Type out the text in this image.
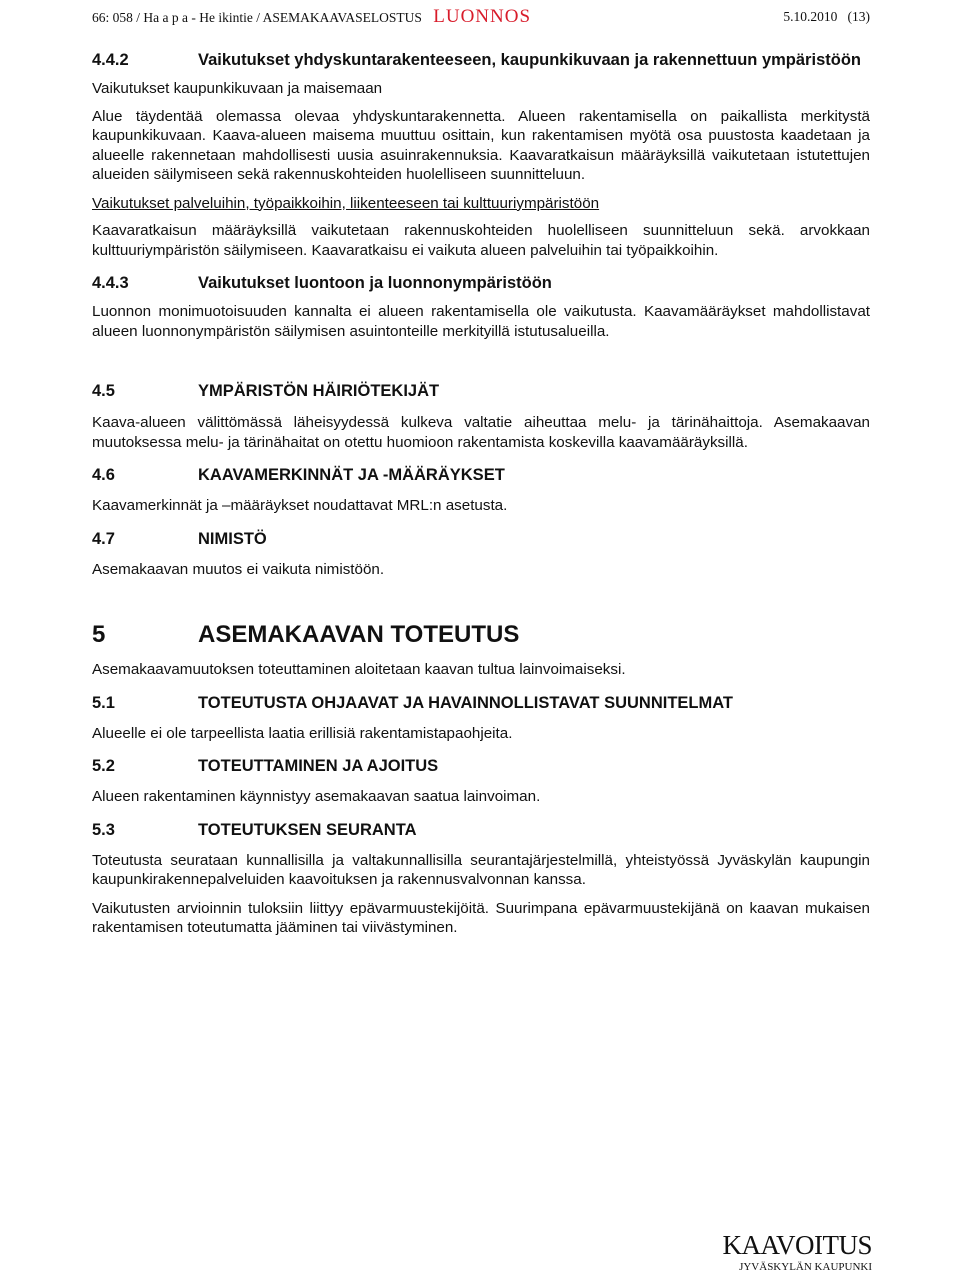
66: 058 / Ha a p a - He ikintie / ASEMAKAAVASELOSTUS LUONNOS	5.10.2010 (13)
4.4.2	Vaikutukset yhdyskuntarakenteeseen, kaupunkikuvaan ja rakennettuun ympäristöön

Vaikutukset kaupunkikuvaan ja maisemaan

Alue täydentää olemassa olevaa yhdyskuntarakennetta. Alueen rakentamisella on paikallista merkitystä kaupunkikuvaan. Kaava-alueen maisema muuttuu osittain, kun rakentamisen myötä osa puustosta kaadetaan ja alueelle rakennetaan mahdollisesti uusia asuinrakennuksia. Kaavaratkaisun määräyksillä vaikutetaan istutettujen alueiden säilymiseen sekä rakennuskohteiden huolelliseen suunnitteluun.

Vaikutukset palveluihin, työpaikkoihin, liikenteeseen tai kulttuuriympäristöön

Kaavaratkaisun määräyksillä vaikutetaan rakennuskohteiden huolelliseen suunnitteluun sekä. arvokkaan kulttuuriympäristön säilymiseen. Kaavaratkaisu ei vaikuta alueen palveluihin tai työpaikkoihin.

4.4.3	Vaikutukset luontoon ja luonnonympäristöön

Luonnon monimuotoisuuden kannalta ei alueen rakentamisella ole vaikutusta. Kaavamääräykset mahdollistavat alueen luonnonympäristön säilymisen asuintonteille merkityillä istutusalueilla.

4.5	YMPÄRISTÖN HÄIRIÖTEKIJÄT

Kaava-alueen välittömässä läheisyydessä kulkeva valtatie aiheuttaa melu- ja tärinähaittoja. Asemakaavan muutoksessa melu- ja tärinähaitat on otettu huomioon rakentamista koskevilla kaavamääräyksillä.

4.6	KAAVAMERKINNÄT JA -MÄÄRÄYKSET

Kaavamerkinnät ja –määräykset noudattavat MRL:n asetusta.

4.7	NIMISTÖ

Asemakaavan muutos ei vaikuta nimistöön.

5	ASEMAKAAVAN TOTEUTUS

Asemakaavamuutoksen toteuttaminen aloitetaan kaavan tultua lainvoimaiseksi.

5.1	TOTEUTUSTA OHJAAVAT JA HAVAINNOLLISTAVAT SUUNNITELMAT

Alueelle ei ole tarpeellista laatia erillisiä rakentamistapaohjeita.

5.2	TOTEUTTAMINEN JA AJOITUS

Alueen rakentaminen käynnistyy asemakaavan saatua lainvoiman.

5.3	TOTEUTUKSEN SEURANTA

Toteutusta seurataan kunnallisilla ja valtakunnallisilla seurantajärjestelmillä, yhteistyössä Jyväskylän kaupungin kaupunkirakennepalveluiden kaavoituksen ja rakennusvalvonnan kanssa.

Vaikutusten arvioinnin tuloksiin liittyy epävarmuustekijöitä. Suurimpana epävarmuustekijänä on kaavan mukaisen rakentamisen toteutumatta jääminen tai viivästyminen.

KAAVOITUS
JYVÄSKYLÄN KAUPUNKI
